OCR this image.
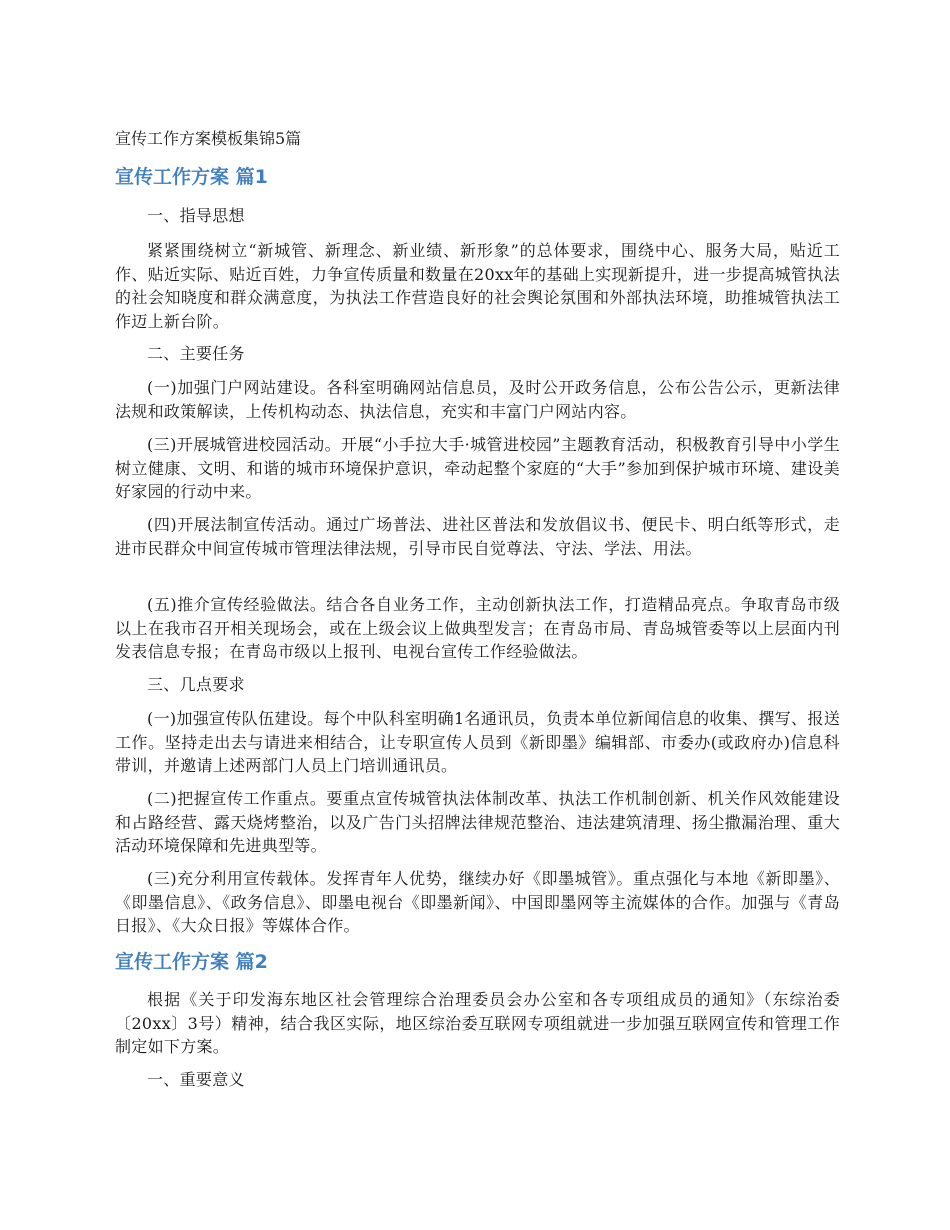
宣传工作方案模板集锦5篇

宣传工作方案 篇1

一、指导思想

紧紧围绕树立“新城管、新理念、新业绩、新形象”的总体要求，围绕中心、服务大局，贴近工作、贴近实际、贴近百姓，力争宣传质量和数量在20xx年的基础上实现新提升，进一步提高城管执法的社会知晓度和群众满意度，为执法工作营造良好的社会舆论氛围和外部执法环境，助推城管执法工作迈上新台阶。

二、主要任务

(一)加强门户网站建设。各科室明确网站信息员，及时公开政务信息，公布公告公示，更新法律法规和政策解读，上传机构动态、执法信息，充实和丰富门户网站内容。

(三)开展城管进校园活动。开展“小手拉大手·城管进校园”主题教育活动，积极教育引导中小学生树立健康、文明、和谐的城市环境保护意识，牵动起整个家庭的“大手”参加到保护城市环境、建设美好家园的行动中来。

(四)开展法制宣传活动。通过广场普法、进社区普法和发放倡议书、便民卡、明白纸等形式，走进市民群众中间宣传城市管理法律法规，引导市民自觉尊法、守法、学法、用法。

(五)推介宣传经验做法。结合各自业务工作，主动创新执法工作，打造精品亮点。争取青岛市级以上在我市召开相关现场会，或在上级会议上做典型发言；在青岛市局、青岛城管委等以上层面内刊发表信息专报；在青岛市级以上报刊、电视台宣传工作经验做法。

三、几点要求

(一)加强宣传队伍建设。每个中队科室明确1名通讯员，负责本单位新闻信息的收集、撰写、报送工作。坚持走出去与请进来相结合，让专职宣传人员到《新即墨》编辑部、市委办(或政府办)信息科带训，并邀请上述两部门人员上门培训通讯员。

(二)把握宣传工作重点。要重点宣传城管执法体制改革、执法工作机制创新、机关作风效能建设和占路经营、露天烧烤整治，以及广告门头招牌法律规范整治、违法建筑清理、扬尘撒漏治理、重大活动环境保障和先进典型等。

(三)充分利用宣传载体。发挥青年人优势，继续办好《即墨城管》。重点强化与本地《新即墨》、《即墨信息》、《政务信息》、即墨电视台《即墨新闻》、中国即墨网等主流媒体的合作。加强与《青岛日报》、《大众日报》等媒体合作。

宣传工作方案 篇2

根据《关于印发海东地区社会管理综合治理委员会办公室和各专项组成员的通知》（东综治委〔20xx〕3号）精神，结合我区实际，地区综治委互联网专项组就进一步加强互联网宣传和管理工作制定如下方案。

一、重要意义
